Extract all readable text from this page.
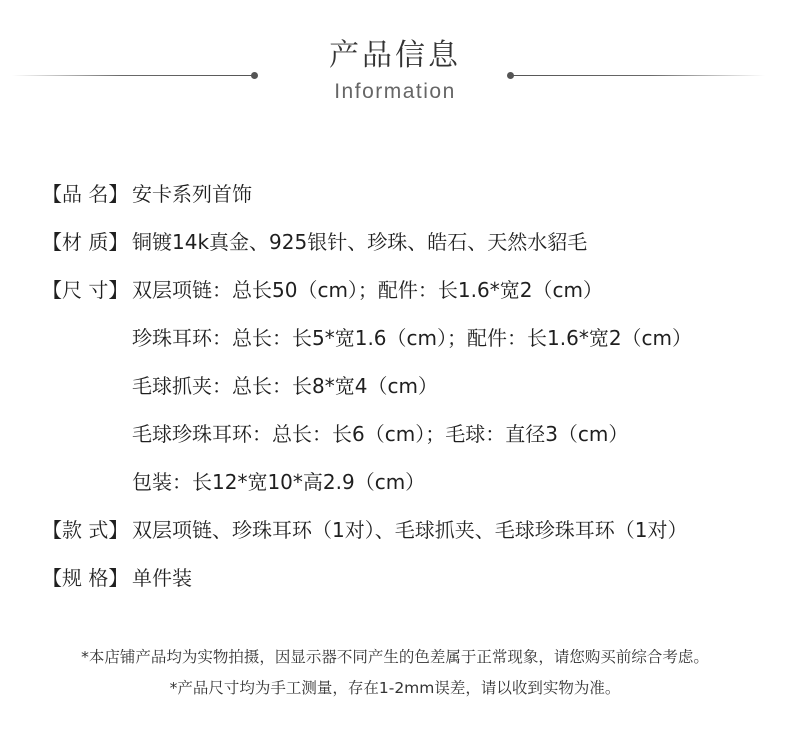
产品信息
Information
【品 名】 安卡系列首饰
【材 质】 铜镀14k真金、925银针、珍珠、皓石、天然水貂毛
【尺 寸】 双层项链：总长50（cm）；配件：长1.6*宽2（cm）
珍珠耳环：总长：长5*宽1.6（cm）；配件：长1.6*宽2（cm）
毛球抓夹：总长：长8*宽4（cm）
毛球珍珠耳环：总长：长6（cm）；毛球：直径3（cm）
包装：长12*宽10*高2.9（cm）
【款 式】 双层项链、珍珠耳环（1对）、毛球抓夹、毛球珍珠耳环（1对）
【规 格】 单件装
*本店铺产品均为实物拍摄，因显示器不同产生的色差属于正常现象，请您购买前综合考虑。
*产品尺寸均为手工测量，存在1-2mm误差，请以收到实物为准。
